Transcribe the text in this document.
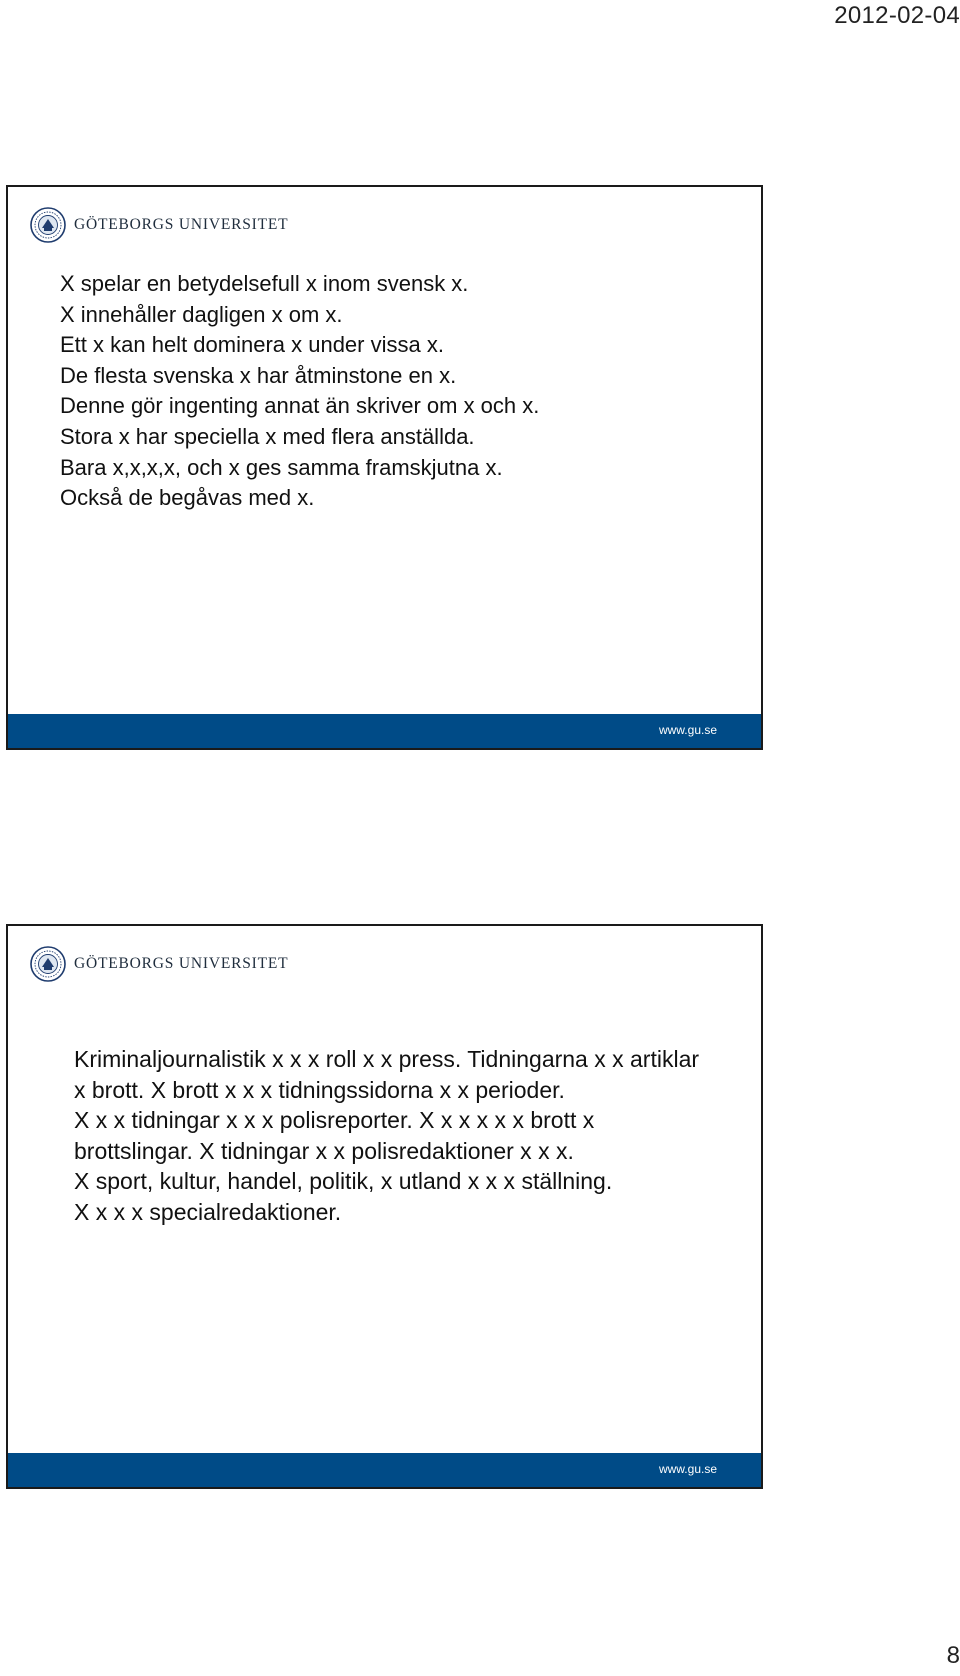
2012-02-04
GÖTEBORGS UNIVERSITET
X spelar en betydelsefull x inom svensk x.
X innehåller dagligen x om x.
Ett x kan helt dominera x under vissa x.
De flesta svenska x har åtminstone en x.
Denne gör ingenting annat än skriver om x och x.
Stora x har speciella x med flera anställda.
Bara x,x,x,x, och x ges samma framskjutna x.
Också de begåvas med x.
www.gu.se
GÖTEBORGS UNIVERSITET
Kriminaljournalistik x x x roll x x press. Tidningarna x x artiklar
x brott. X brott x x x tidningssidorna x x perioder.
X x x tidningar x x x polisreporter. X x x x x x brott x
brottslingar. X tidningar x x polisredaktioner x x x.
X sport, kultur, handel, politik, x utland x x x ställning.
X x x x specialredaktioner.
www.gu.se
8
